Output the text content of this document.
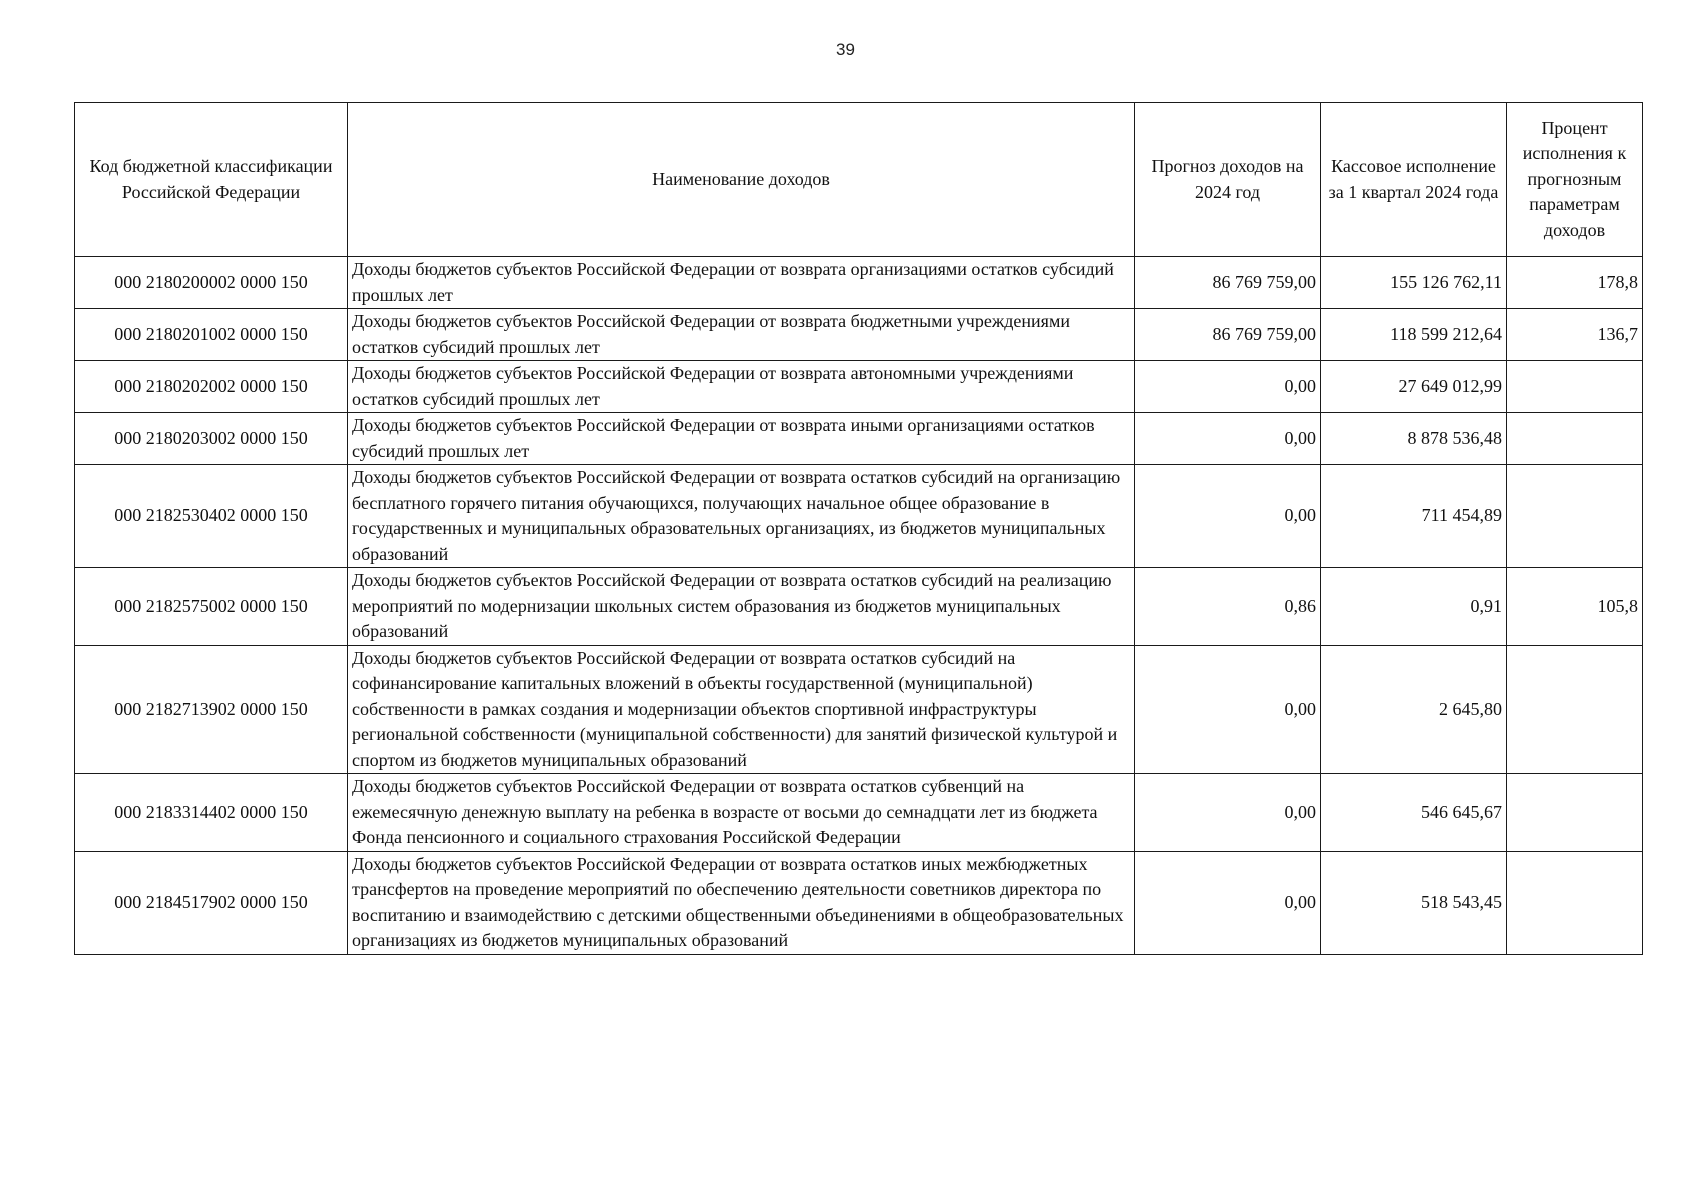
39
Код бюджетной классификации Российской Федерации	Наименование доходов	Прогноз доходов на 2024 год	Кассовое исполнение за 1 квартал 2024 года	Процент исполнения к прогнозным параметрам доходов
000 2180200002 0000 150	Доходы бюджетов субъектов Российской Федерации от возврата организациями остатков субсидий прошлых лет	86 769 759,00	155 126 762,11	178,8
000 2180201002 0000 150	Доходы бюджетов субъектов Российской Федерации от возврата бюджетными учреждениями остатков субсидий прошлых лет	86 769 759,00	118 599 212,64	136,7
000 2180202002 0000 150	Доходы бюджетов субъектов Российской Федерации от возврата автономными учреждениями остатков субсидий прошлых лет	0,00	27 649 012,99	
000 2180203002 0000 150	Доходы бюджетов субъектов Российской Федерации от возврата иными организациями остатков субсидий прошлых лет	0,00	8 878 536,48	
000 2182530402 0000 150	Доходы бюджетов субъектов Российской Федерации от возврата остатков субсидий на организацию бесплатного горячего питания обучающихся, получающих начальное общее образование в государственных и муниципальных образовательных организациях, из бюджетов муниципальных образований	0,00	711 454,89	
000 2182575002 0000 150	Доходы бюджетов субъектов Российской Федерации от возврата остатков субсидий на реализацию мероприятий по модернизации школьных систем образования из бюджетов муниципальных образований	0,86	0,91	105,8
000 2182713902 0000 150	Доходы бюджетов субъектов Российской Федерации от возврата остатков субсидий на софинансирование капитальных вложений в объекты государственной (муниципальной) собственности в рамках создания и модернизации объектов спортивной инфраструктуры региональной собственности (муниципальной собственности) для занятий физической культурой и спортом из бюджетов муниципальных образований	0,00	2 645,80	
000 2183314402 0000 150	Доходы бюджетов субъектов Российской Федерации от возврата остатков субвенций на ежемесячную денежную выплату на ребенка в возрасте от восьми до семнадцати лет из бюджета Фонда пенсионного и социального страхования Российской Федерации	0,00	546 645,67	
000 2184517902 0000 150	Доходы бюджетов субъектов Российской Федерации от возврата остатков иных межбюджетных трансфертов на проведение мероприятий по обеспечению деятельности советников директора по воспитанию и взаимодействию с детскими общественными объединениями в общеобразовательных организациях из бюджетов муниципальных образований	0,00	518 543,45	
